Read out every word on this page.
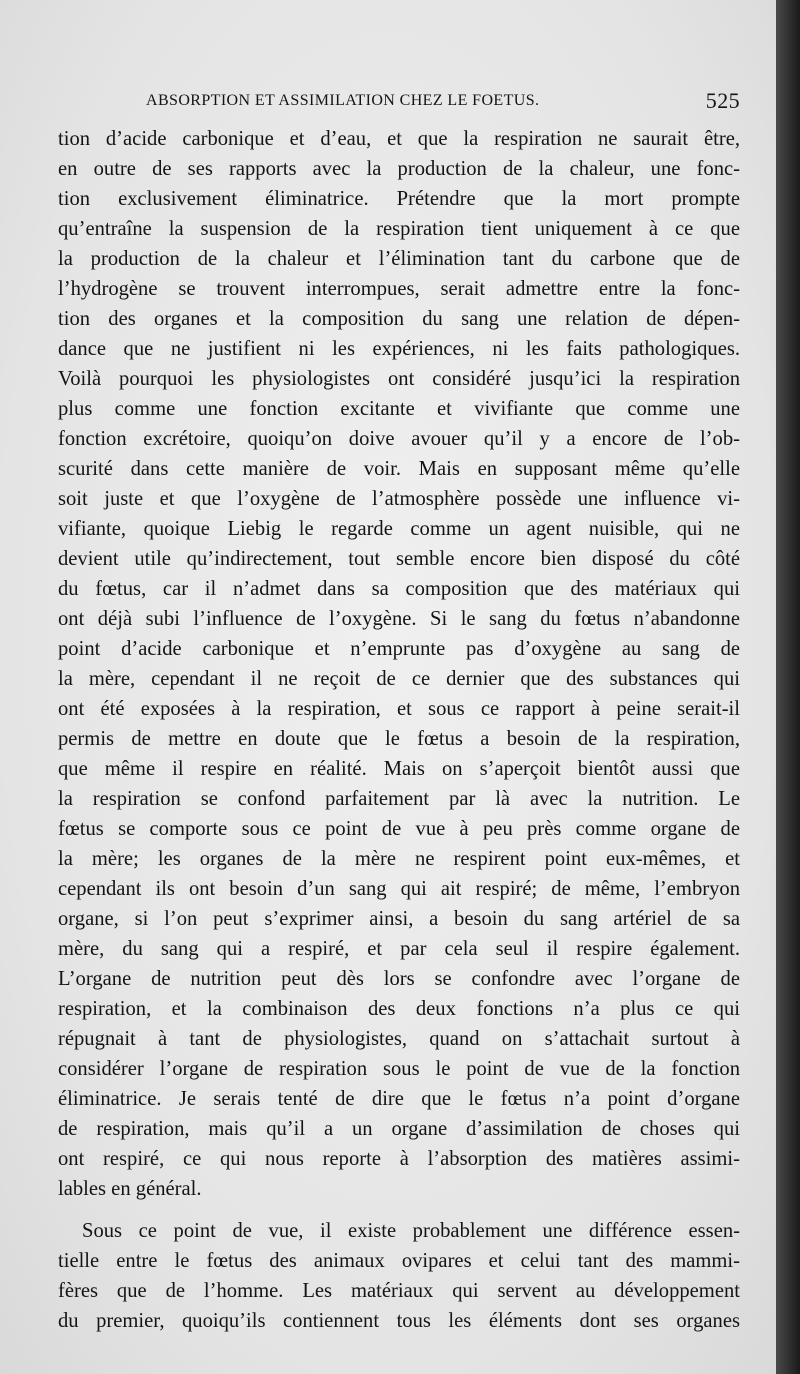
ABSORPTION ET ASSIMILATION CHEZ LE FOETUS.	525
tion d’acide carbonique et d’eau, et que la respiration ne saurait être,
en outre de ses rapports avec la production de la chaleur, une fonc-
tion exclusivement éliminatrice. Prétendre que la mort prompte
qu’entraîne la suspension de la respiration tient uniquement à ce que
la production de la chaleur et l’élimination tant du carbone que de
l’hydrogène se trouvent interrompues, serait admettre entre la fonc-
tion des organes et la composition du sang une relation de dépen-
dance que ne justifient ni les expériences, ni les faits pathologiques.
Voilà pourquoi les physiologistes ont considéré jusqu’ici la respiration
plus comme une fonction excitante et vivifiante que comme une
fonction excrétoire, quoiqu’on doive avouer qu’il y a encore de l’ob-
scurité dans cette manière de voir. Mais en supposant même qu’elle
soit juste et que l’oxygène de l’atmosphère possède une influence vi-
vifiante, quoique Liebig le regarde comme un agent nuisible, qui ne
devient utile qu’indirectement, tout semble encore bien disposé du côté
du fœtus, car il n’admet dans sa composition que des matériaux qui
ont déjà subi l’influence de l’oxygène. Si le sang du fœtus n’abandonne
point d’acide carbonique et n’emprunte pas d’oxygène au sang de
la mère, cependant il ne reçoit de ce dernier que des substances qui
ont été exposées à la respiration, et sous ce rapport à peine serait-il
permis de mettre en doute que le fœtus a besoin de la respiration,
que même il respire en réalité. Mais on s’aperçoit bientôt aussi que
la respiration se confond parfaitement par là avec la nutrition. Le
fœtus se comporte sous ce point de vue à peu près comme organe de
la mère; les organes de la mère ne respirent point eux-mêmes, et
cependant ils ont besoin d’un sang qui ait respiré; de même, l’embryon
organe, si l’on peut s’exprimer ainsi, a besoin du sang artériel de sa
mère, du sang qui a respiré, et par cela seul il respire également.
L’organe de nutrition peut dès lors se confondre avec l’organe de
respiration, et la combinaison des deux fonctions n’a plus ce qui
répugnait à tant de physiologistes, quand on s’attachait surtout à
considérer l’organe de respiration sous le point de vue de la fonction
éliminatrice. Je serais tenté de dire que le fœtus n’a point d’organe
de respiration, mais qu’il a un organe d’assimilation de choses qui
ont respiré, ce qui nous reporte à l’absorption des matières assimi-
lables en général.
Sous ce point de vue, il existe probablement une différence essen-
tielle entre le fœtus des animaux ovipares et celui tant des mammi-
fères que de l’homme. Les matériaux qui servent au développement
du premier, quoiqu’ils contiennent tous les éléments dont ses organes
